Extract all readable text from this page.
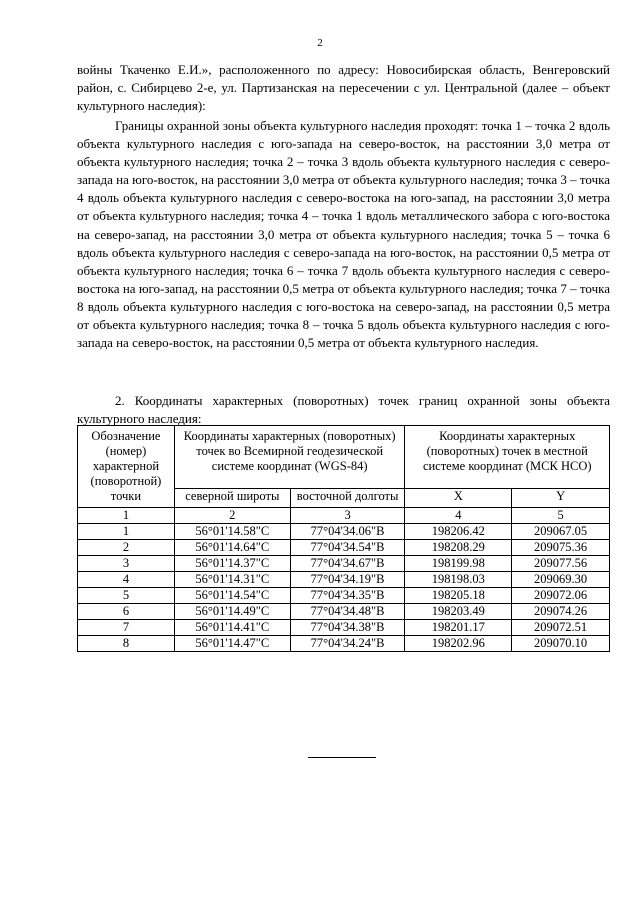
2

войны Ткаченко Е.И.», расположенного по адресу: Новосибирская область, Венгеровский район, с. Сибирцево 2-е, ул. Партизанская на пересечении с ул. Центральной (далее – объект культурного наследия):

Границы охранной зоны объекта культурного наследия проходят: точка 1 – точка 2 вдоль объекта культурного наследия с юго-запада на северо-восток, на расстоянии 3,0 метра от объекта культурного наследия; точка 2 – точка 3 вдоль объекта культурного наследия с северо-запада на юго-восток, на расстоянии 3,0 метра от объекта культурного наследия; точка 3 – точка 4 вдоль объекта культурного наследия с северо-востока на юго-запад, на расстоянии 3,0 метра от объекта культурного наследия; точка 4 – точка 1 вдоль металлического забора с юго-востока на северо-запад, на расстоянии 3,0 метра от объекта культурного наследия; точка 5 – точка 6 вдоль объекта культурного наследия с северо-запада на юго-восток, на расстоянии 0,5 метра от объекта культурного наследия; точка 6 – точка 7 вдоль объекта культурного наследия с северо-востока на юго-запад, на расстоянии 0,5 метра от объекта культурного наследия; точка 7 – точка 8 вдоль объекта культурного наследия с юго-востока на северо-запад, на расстоянии 0,5 метра от объекта культурного наследия; точка 8 – точка 5 вдоль объекта культурного наследия с юго-запада на северо-восток, на расстоянии 0,5 метра от объекта культурного наследия.

2. Координаты характерных (поворотных) точек границ охранной зоны объекта культурного наследия:

Обозначение (номер) характерной (поворотной) точки	Координаты характерных (поворотных) точек во Всемирной геодезической системе координат (WGS-84)		Координаты характерных (поворотных) точек в местной системе координат (МСК НСО)	
	северной широты	восточной долготы	X	Y
1	2	3	4	5
1	56°01'14.58"С	77°04'34.06"В	198206.42	209067.05
2	56°01'14.64"С	77°04'34.54"В	198208.29	209075.36
3	56°01'14.37"С	77°04'34.67"В	198199.98	209077.56
4	56°01'14.31"С	77°04'34.19"В	198198.03	209069.30
5	56°01'14.54"С	77°04'34.35"В	198205.18	209072.06
6	56°01'14.49"С	77°04'34.48"В	198203.49	209074.26
7	56°01'14.41"С	77°04'34.38"В	198201.17	209072.51
8	56°01'14.47"С	77°04'34.24"В	198202.96	209070.10
